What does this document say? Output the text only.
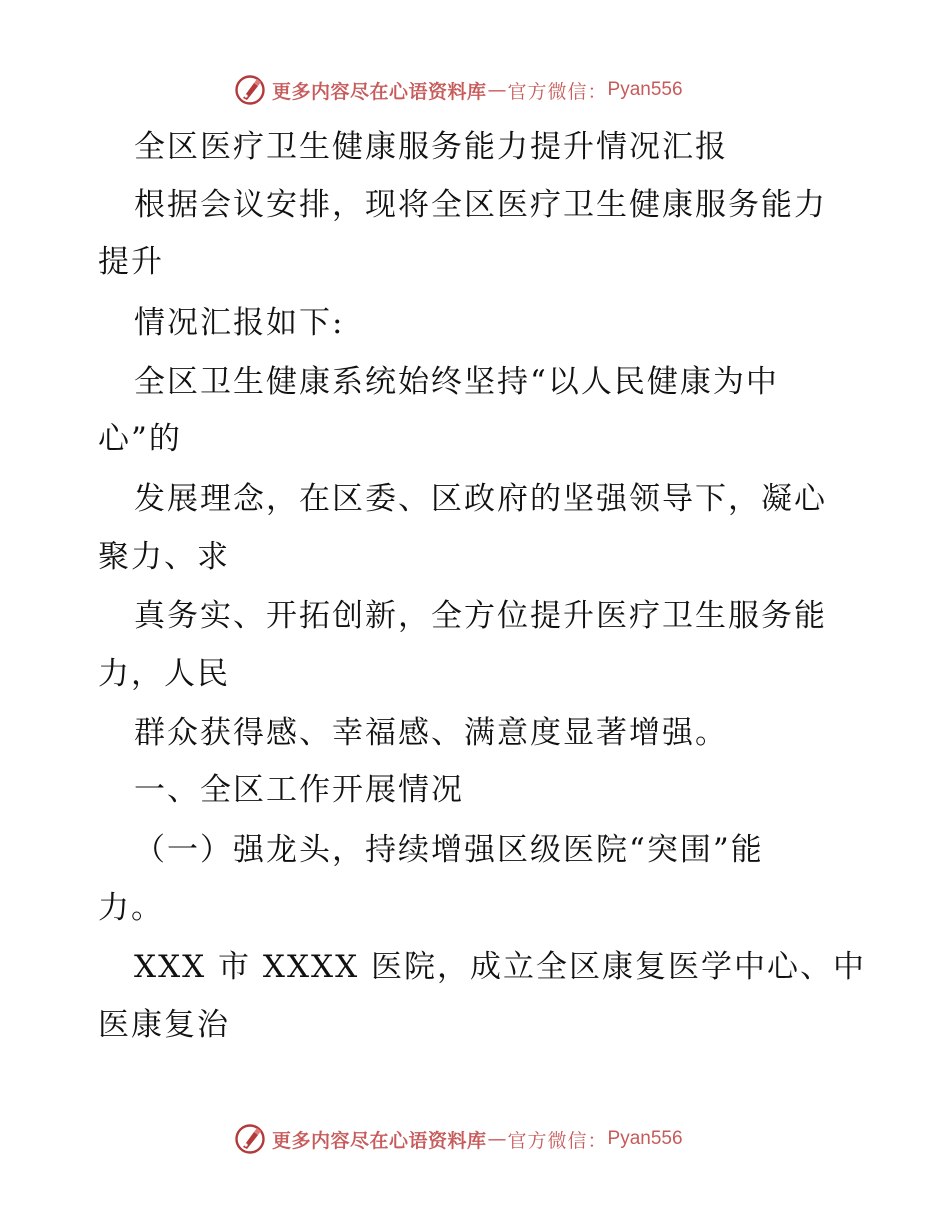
更多内容尽在心语资料库 — 官方微信： Pyan556
全区医疗卫生健康服务能力提升情况汇报
根据会议安排，现将全区医疗卫生健康服务能力
提升
情况汇报如下:
全区卫生健康系统始终坚持“以人民健康为中
心”的
发展理念，在区委、区政府的坚强领导下，凝心
聚力、求
真务实、开拓创新，全方位提升医疗卫生服务能
力，人民
群众获得感、幸福感、满意度显著增强。
一、全区工作开展情况
（一）强龙头，持续增强区级医院“突围”能
力。
XXX 市 XXXX 医院，成立全区康复医学中心、中
医康复治
更多内容尽在心语资料库 — 官方微信： Pyan556
